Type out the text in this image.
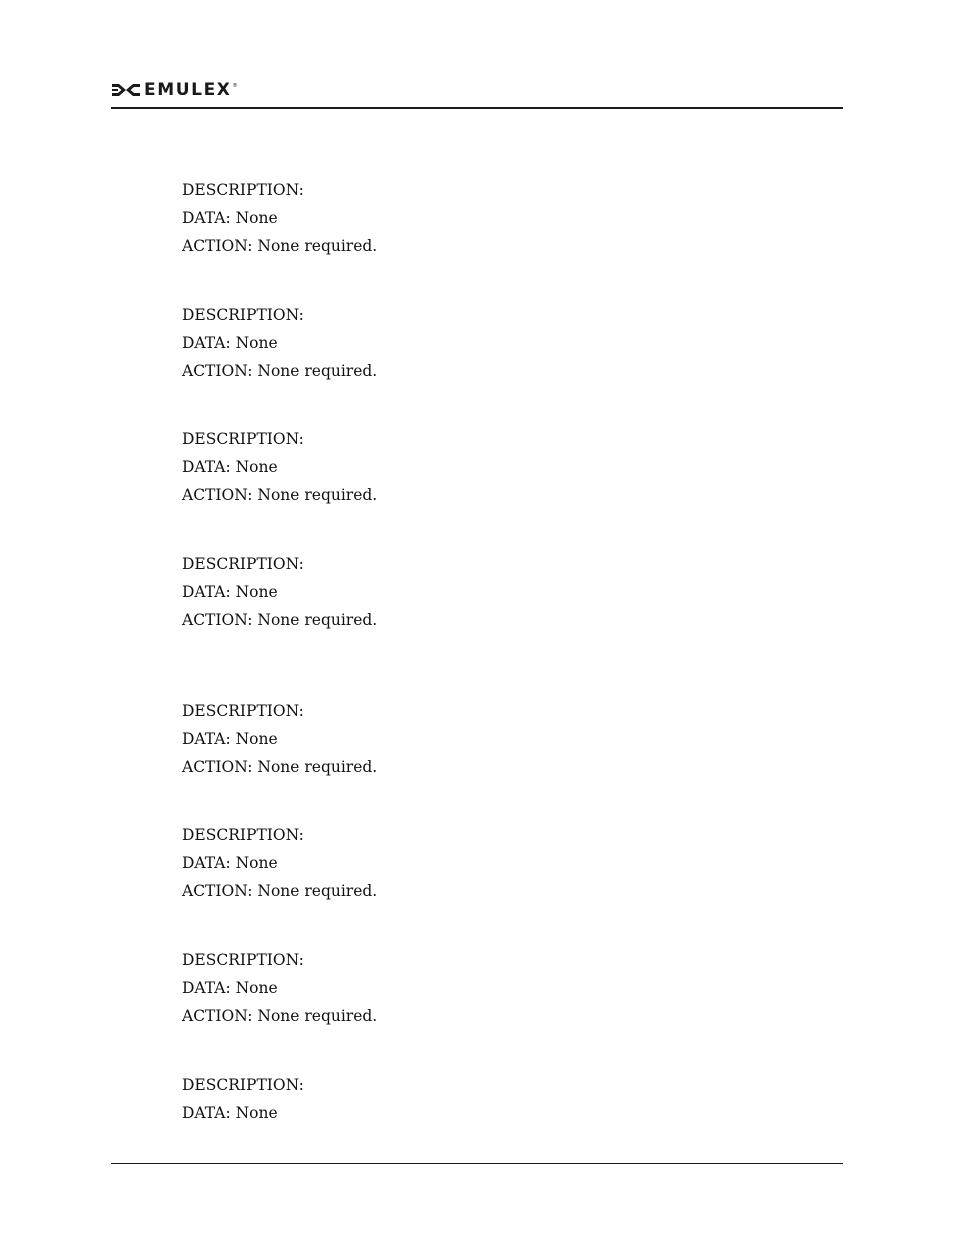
EMULEX ®
DESCRIPTION:
DATA: None
ACTION: None required.
DESCRIPTION:
DATA: None
ACTION: None required.
DESCRIPTION:
DATA: None
ACTION: None required.
DESCRIPTION:
DATA: None
ACTION: None required.
DESCRIPTION:
DATA: None
ACTION: None required.
DESCRIPTION:
DATA: None
ACTION: None required.
DESCRIPTION:
DATA: None
ACTION: None required.
DESCRIPTION:
DATA: None
